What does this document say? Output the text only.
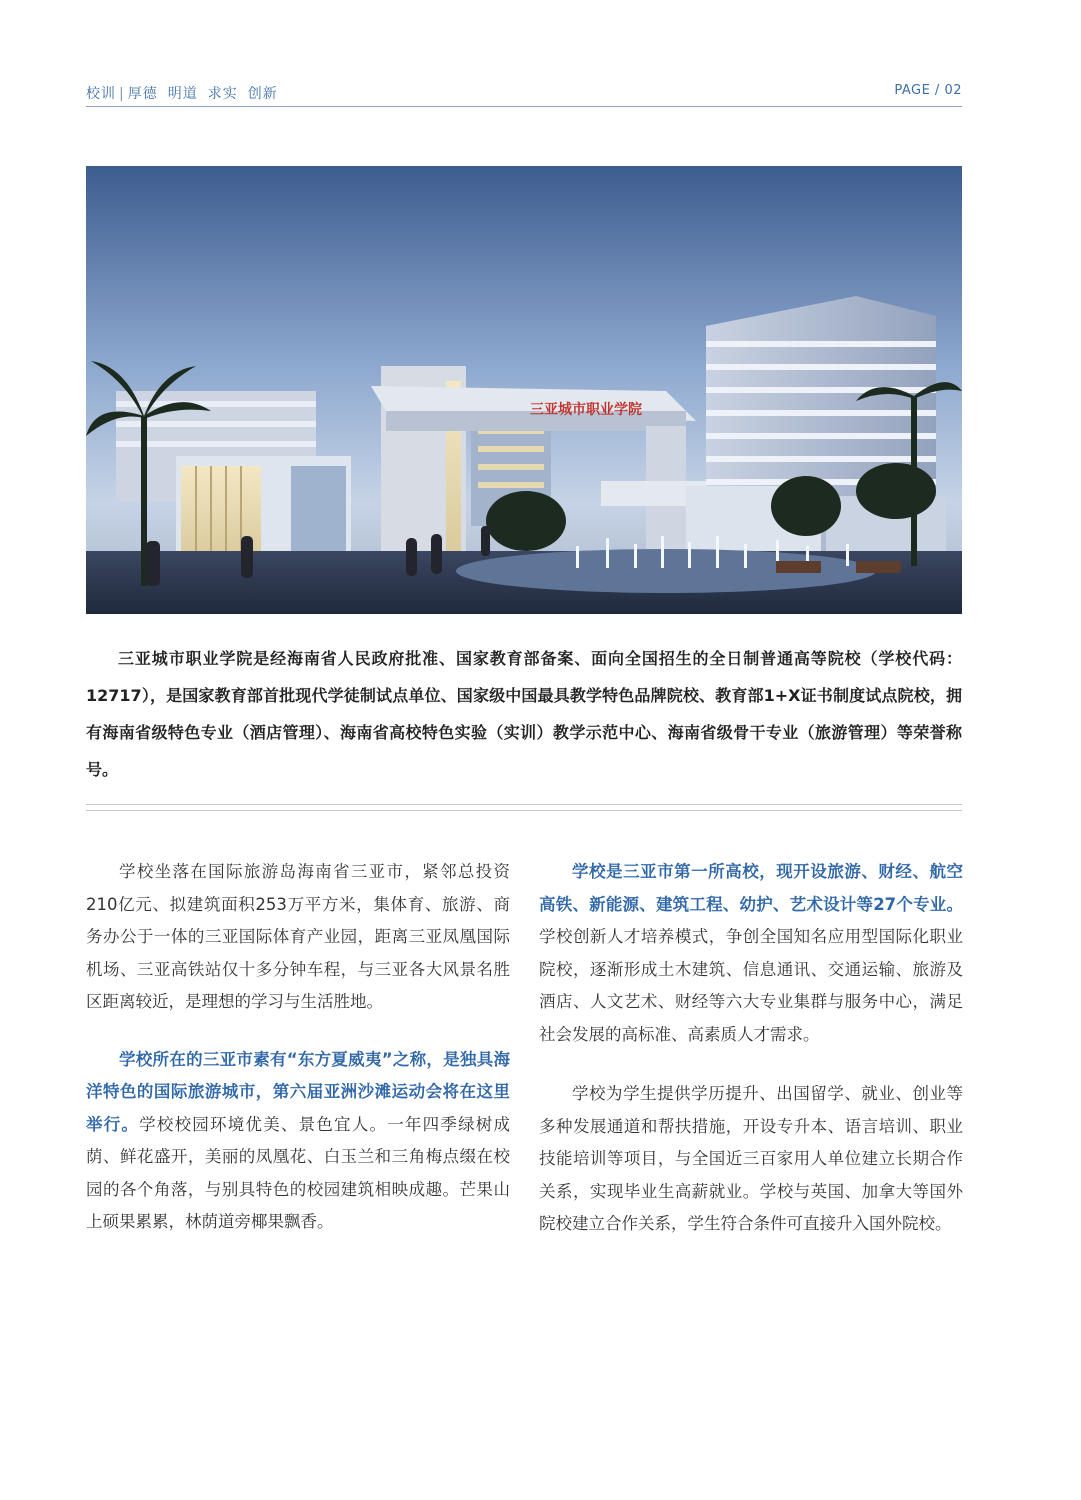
校训 | 厚德 明道 求实 创新	PAGE / 02
三亚城市职业学院

三亚城市职业学院是经海南省人民政府批准、国家教育部备案、面向全国招生的全日制普通高等院校（学校代码：12717），是国家教育部首批现代学徒制试点单位、国家级中国最具教学特色品牌院校、教育部1+X证书制度试点院校，拥有海南省级特色专业（酒店管理）、海南省高校特色实验（实训）教学示范中心、海南省级骨干专业（旅游管理）等荣誉称号。

学校坐落在国际旅游岛海南省三亚市，紧邻总投资210亿元、拟建筑面积253万平方米，集体育、旅游、商务办公于一体的三亚国际体育产业园，距离三亚凤凰国际机场、三亚高铁站仅十多分钟车程，与三亚各大风景名胜区距离较近，是理想的学习与生活胜地。

学校所在的三亚市素有“东方夏威夷”之称，是独具海洋特色的国际旅游城市，第六届亚洲沙滩运动会将在这里举行。学校校园环境优美、景色宜人。一年四季绿树成荫、鲜花盛开，美丽的凤凰花、白玉兰和三角梅点缀在校园的各个角落，与别具特色的校园建筑相映成趣。芒果山上硕果累累，林荫道旁椰果飘香。

学校是三亚市第一所高校，现开设旅游、财经、航空高铁、新能源、建筑工程、幼护、艺术设计等27个专业。学校创新人才培养模式，争创全国知名应用型国际化职业院校，逐渐形成土木建筑、信息通讯、交通运输、旅游及酒店、人文艺术、财经等六大专业集群与服务中心，满足社会发展的高标准、高素质人才需求。

学校为学生提供学历提升、出国留学、就业、创业等多种发展通道和帮扶措施，开设专升本、语言培训、职业技能培训等项目，与全国近三百家用人单位建立长期合作关系，实现毕业生高薪就业。学校与英国、加拿大等国外院校建立合作关系，学生符合条件可直接升入国外院校。
